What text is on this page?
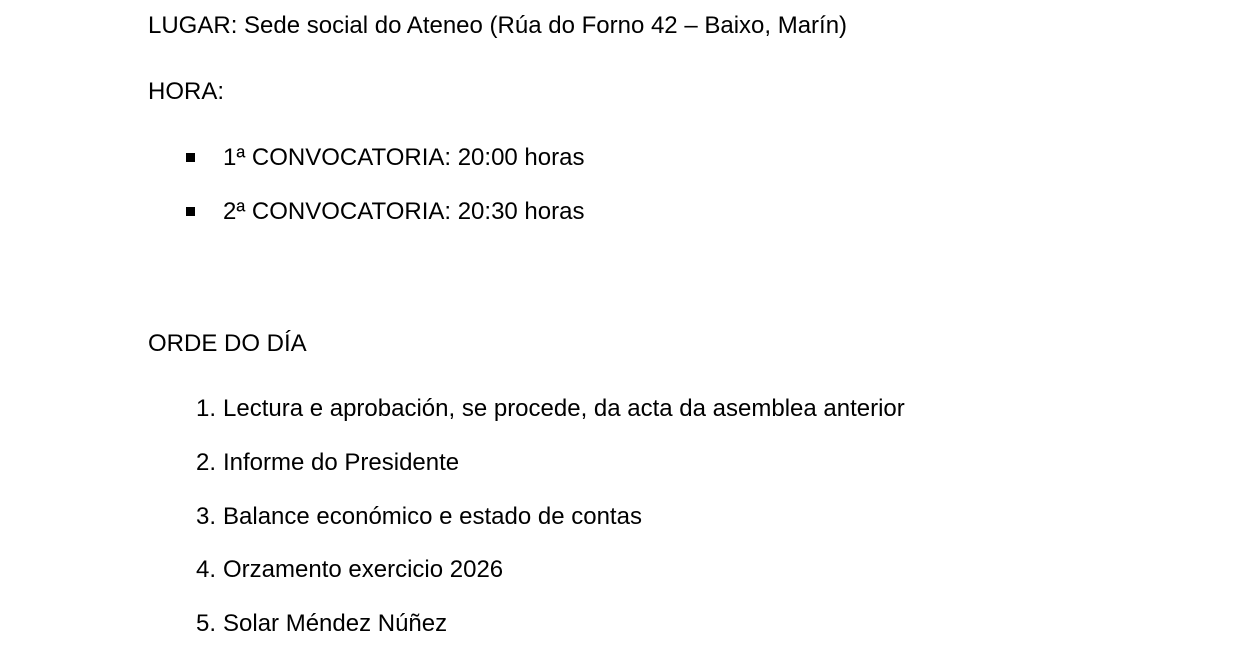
LUGAR: Sede social do Ateneo (Rúa do Forno 42 – Baixo, Marín)
HORA:
1ª CONVOCATORIA: 20:00 horas
2ª CONVOCATORIA: 20:30 horas
ORDE DO DÍA
1. Lectura e aprobación, se procede, da acta da asemblea anterior
2. Informe do Presidente
3. Balance económico e estado de contas
4. Orzamento exercicio 2026
5. Solar Méndez Núñez
